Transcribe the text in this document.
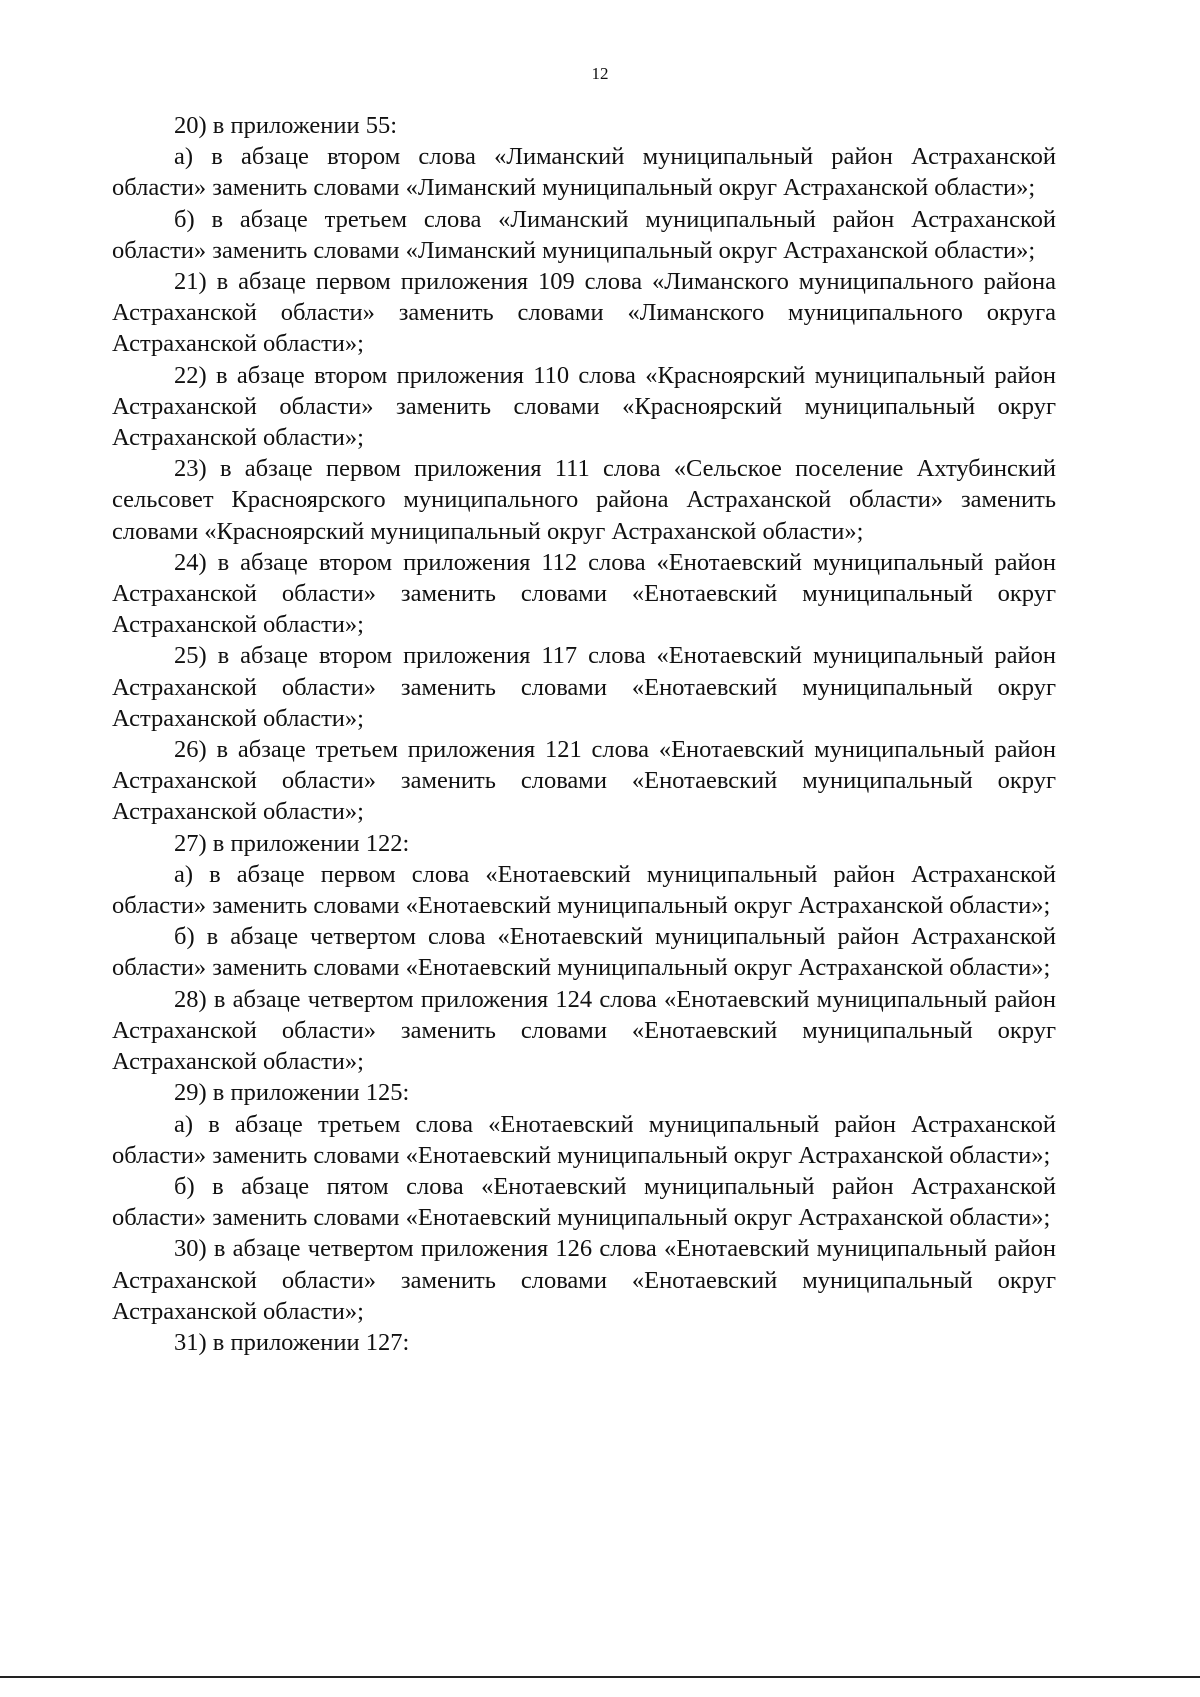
12

20) в приложении 55:

а) в абзаце втором слова «Лиманский муниципальный район Астраханской области» заменить словами «Лиманский муниципальный округ Астраханской области»;

б) в абзаце третьем слова «Лиманский муниципальный район Астраханской области» заменить словами «Лиманский муниципальный округ Астраханской области»;

21) в абзаце первом приложения 109 слова «Лиманского муниципального района Астраханской области» заменить словами «Лиманского муниципального округа Астраханской области»;

22) в абзаце втором приложения 110 слова «Красноярский муниципальный район Астраханской области» заменить словами «Красноярский муниципальный округ Астраханской области»;

23) в абзаце первом приложения 111 слова «Сельское поселение Ахтубинский сельсовет Красноярского муниципального района Астраханской области» заменить словами «Красноярский муниципальный округ Астраханской области»;

24) в абзаце втором приложения 112 слова «Енотаевский муниципальный район Астраханской области» заменить словами «Енотаевский муниципальный округ Астраханской области»;

25) в абзаце втором приложения 117 слова «Енотаевский муниципальный район Астраханской области» заменить словами «Енотаевский муниципальный округ Астраханской области»;

26) в абзаце третьем приложения 121 слова «Енотаевский муниципальный район Астраханской области» заменить словами «Енотаевский муниципальный округ Астраханской области»;

27) в приложении 122:

а) в абзаце первом слова «Енотаевский муниципальный район Астраханской области» заменить словами «Енотаевский муниципальный округ Астраханской области»;

б) в абзаце четвертом слова «Енотаевский муниципальный район Астраханской области» заменить словами «Енотаевский муниципальный округ Астраханской области»;

28) в абзаце четвертом приложения 124 слова «Енотаевский муниципальный район Астраханской области» заменить словами «Енотаевский муниципальный округ Астраханской области»;

29) в приложении 125:

а) в абзаце третьем слова «Енотаевский муниципальный район Астраханской области» заменить словами «Енотаевский муниципальный округ Астраханской области»;

б) в абзаце пятом слова «Енотаевский муниципальный район Астраханской области» заменить словами «Енотаевский муниципальный округ Астраханской области»;

30) в абзаце четвертом приложения 126 слова «Енотаевский муниципальный район Астраханской области» заменить словами «Енотаевский муниципальный округ Астраханской области»;

31) в приложении 127:
